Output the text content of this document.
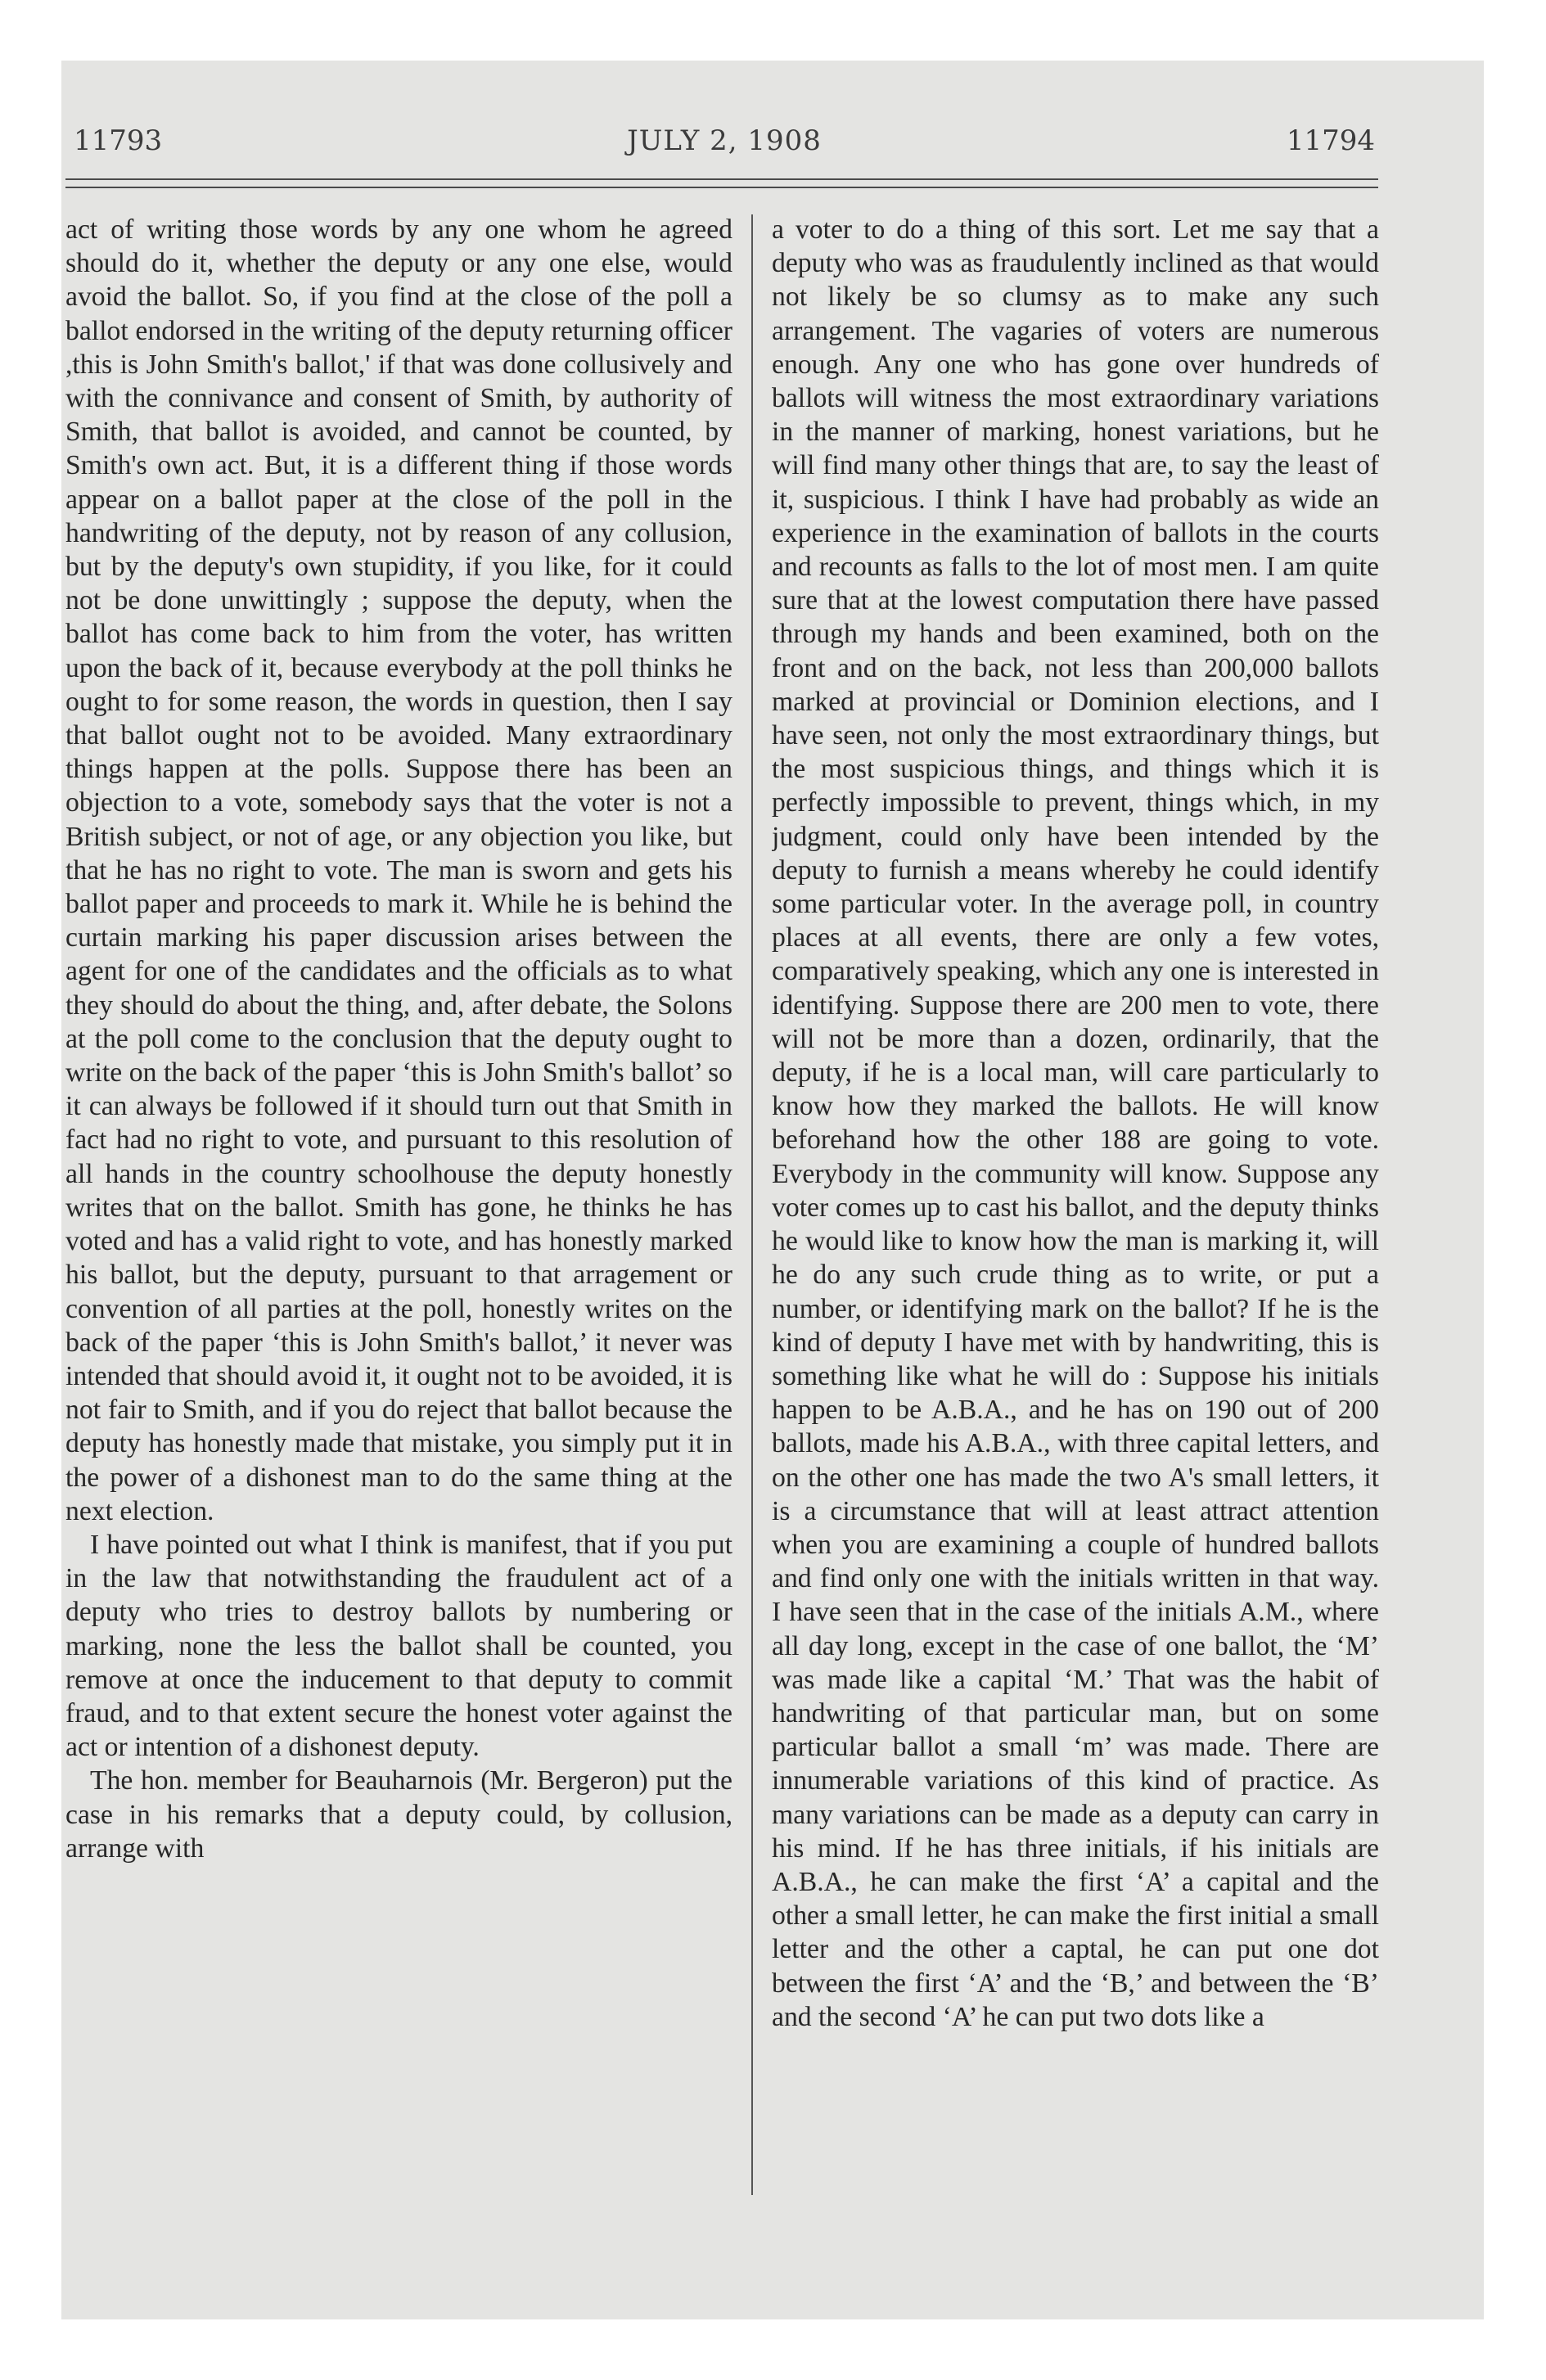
11793	JULY 2, 1908	11794

act of writing those words by any one whom he agreed should do it, whether the deputy or any one else, would avoid the ballot. So, if you find at the close of the poll a ballot endorsed in the writing of the deputy returning officer ,this is John Smith's ballot,' if that was done collusively and with the connivance and consent of Smith, by authority of Smith, that ballot is avoided, and cannot be counted, by Smith's own act. But, it is a different thing if those words appear on a ballot paper at the close of the poll in the handwriting of the deputy, not by reason of any collusion, but by the deputy's own stupidity, if you like, for it could not be done unwittingly ; suppose the deputy, when the ballot has come back to him from the voter, has written upon the back of it, because everybody at the poll thinks he ought to for some reason, the words in question, then I say that ballot ought not to be avoided. Many extraordinary things happen at the polls. Suppose there has been an objection to a vote, somebody says that the voter is not a British subject, or not of age, or any objection you like, but that he has no right to vote. The man is sworn and gets his ballot paper and proceeds to mark it. While he is behind the curtain marking his paper discussion arises between the agent for one of the candidates and the officials as to what they should do about the thing, and, after debate, the Solons at the poll come to the conclusion that the deputy ought to write on the back of the paper ‘this is John Smith's ballot’ so it can always be followed if it should turn out that Smith in fact had no right to vote, and pursuant to this resolution of all hands in the country schoolhouse the deputy honestly writes that on the ballot. Smith has gone, he thinks he has voted and has a valid right to vote, and has honestly marked his ballot, but the deputy, pursuant to that arragement or convention of all parties at the poll, honestly writes on the back of the paper ‘this is John Smith's ballot,’ it never was intended that should avoid it, it ought not to be avoided, it is not fair to Smith, and if you do reject that ballot because the deputy has honestly made that mistake, you simply put it in the power of a dishonest man to do the same thing at the next election.

I have pointed out what I think is manifest, that if you put in the law that notwithstanding the fraudulent act of a deputy who tries to destroy ballots by numbering or marking, none the less the ballot shall be counted, you remove at once the inducement to that deputy to commit fraud, and to that extent secure the honest voter against the act or intention of a dishonest deputy.

The hon. member for Beauharnois (Mr. Bergeron) put the case in his remarks that a deputy could, by collusion, arrange with

a voter to do a thing of this sort. Let me say that a deputy who was as fraudulently inclined as that would not likely be so clumsy as to make any such arrangement. The vagaries of voters are numerous enough. Any one who has gone over hundreds of ballots will witness the most extraordinary variations in the manner of marking, honest variations, but he will find many other things that are, to say the least of it, suspicious. I think I have had probably as wide an experience in the examination of ballots in the courts and recounts as falls to the lot of most men. I am quite sure that at the lowest computation there have passed through my hands and been examined, both on the front and on the back, not less than 200,000 ballots marked at provincial or Dominion elections, and I have seen, not only the most extraordinary things, but the most suspicious things, and things which it is perfectly impossible to prevent, things which, in my judgment, could only have been intended by the deputy to furnish a means whereby he could identify some particular voter. In the average poll, in country places at all events, there are only a few votes, comparatively speaking, which any one is interested in identifying. Suppose there are 200 men to vote, there will not be more than a dozen, ordinarily, that the deputy, if he is a local man, will care particularly to know how they marked the ballots. He will know beforehand how the other 188 are going to vote. Everybody in the community will know. Suppose any voter comes up to cast his ballot, and the deputy thinks he would like to know how the man is marking it, will he do any such crude thing as to write, or put a number, or identifying mark on the ballot? If he is the kind of deputy I have met with by handwriting, this is something like what he will do : Suppose his initials happen to be A.B.A., and he has on 190 out of 200 ballots, made his A.B.A., with three capital letters, and on the other one has made the two A's small letters, it is a circumstance that will at least attract attention when you are examining a couple of hundred ballots and find only one with the initials written in that way. I have seen that in the case of the initials A.M., where all day long, except in the case of one ballot, the ‘M’ was made like a capital ‘M.’ That was the habit of handwriting of that particular man, but on some particular ballot a small ‘m’ was made. There are innumerable variations of this kind of practice. As many variations can be made as a deputy can carry in his mind. If he has three initials, if his initials are A.B.A., he can make the first ‘A’ a capital and the other a small letter, he can make the first initial a small letter and the other a captal, he can put one dot between the first ‘A’ and the ‘B,’ and between the ‘B’ and the second ‘A’ he can put two dots like a
